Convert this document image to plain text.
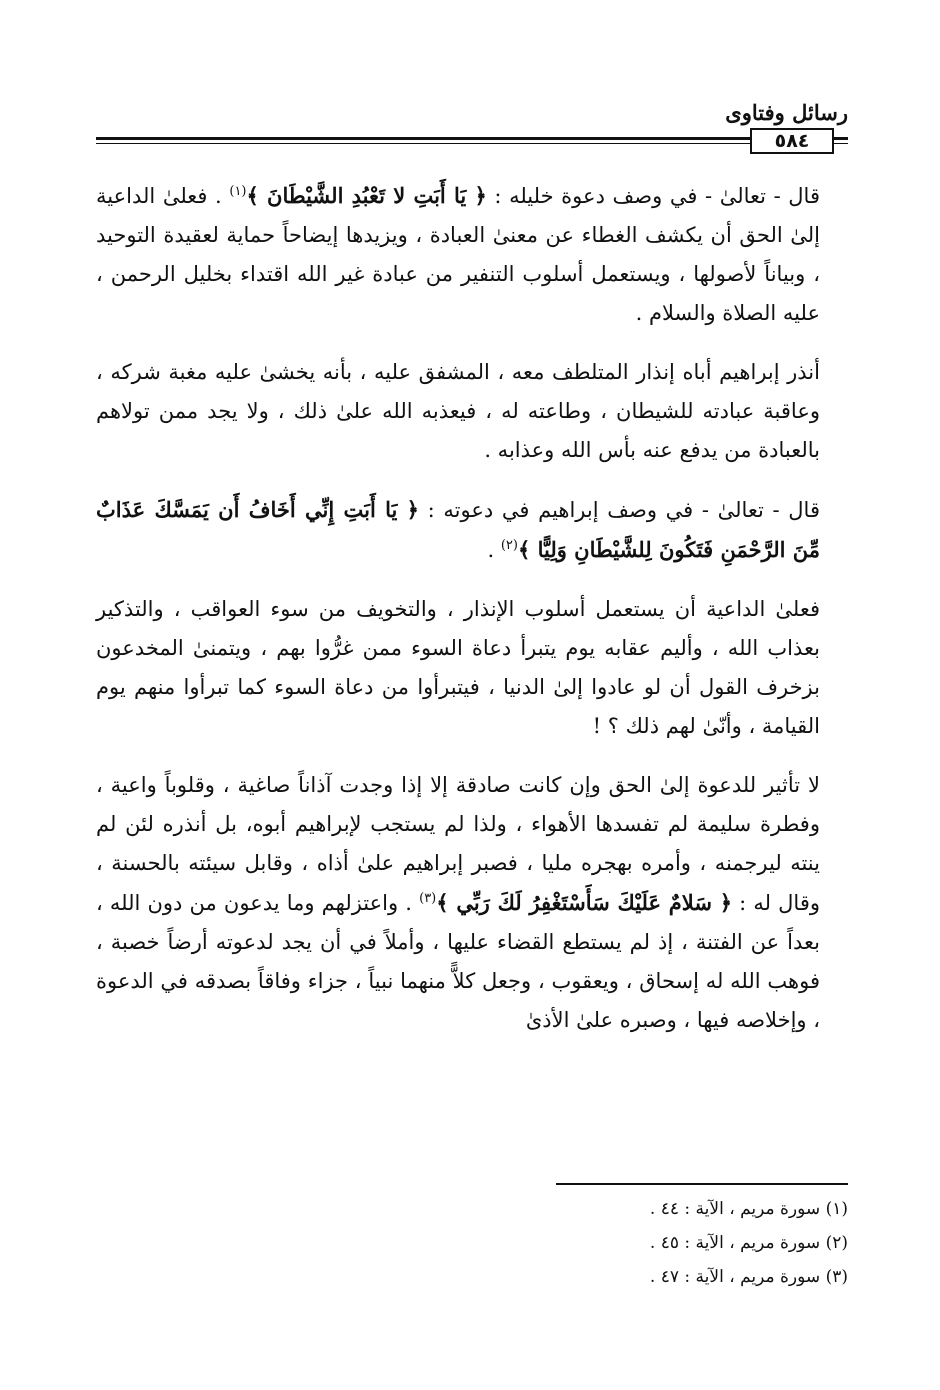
رسائل وفتاوى
٥٨٤

قال - تعالىٰ - في وصف دعوة خليله : ﴿ يَا أَبَتِ لا تَعْبُدِ الشَّيْطَانَ ﴾$^{(١)}$ . فعلىٰ الداعية إلىٰ الحق أن يكشف الغطاء عن معنىٰ العبادة ، ويزيدها إيضاحاً حماية لعقيدة التوحيد ، وبياناً لأصولها ، ويستعمل أسلوب التنفير من عبادة غير الله اقتداء بخليل الرحمن ، عليه الصلاة والسلام .

أنذر إبراهيم أباه إنذار المتلطف معه ، المشفق عليه ، بأنه يخشىٰ عليه مغبة شركه ، وعاقبة عبادته للشيطان ، وطاعته له ، فيعذبه الله علىٰ ذلك ، ولا يجد ممن تولاهم بالعبادة من يدفع عنه بأس الله وعذابه .

قال - تعالىٰ - في وصف إبراهيم في دعوته : ﴿ يَا أَبَتِ إِنِّي أَخَافُ أَن يَمَسَّكَ عَذَابٌ مِّنَ الرَّحْمَنِ فَتَكُونَ لِلشَّيْطَانِ وَلِيًّا ﴾$^{(٢)}$ .

فعلىٰ الداعية أن يستعمل أسلوب الإنذار ، والتخويف من سوء العواقب ، والتذكير بعذاب الله ، وأليم عقابه يوم يتبرأ دعاة السوء ممن غرُّوا بهم ، ويتمنىٰ المخدعون بزخرف القول أن لو عادوا إلىٰ الدنيا ، فيتبرأوا من دعاة السوء كما تبرأوا منهم يوم القيامة ، وأنّىٰ لهم ذلك ؟ !

لا تأثير للدعوة إلىٰ الحق وإن كانت صادقة إلا إذا وجدت آذاناً صاغية ، وقلوباً واعية ، وفطرة سليمة لم تفسدها الأهواء ، ولذا لم يستجب لإبراهيم أبوه، بل أنذره لئن لم ينته ليرجمنه ، وأمره بهجره مليا ، فصبر إبراهيم علىٰ أذاه ، وقابل سيئته بالحسنة ، وقال له : ﴿ سَلامٌ عَلَيْكَ سَأَسْتَغْفِرُ لَكَ رَبِّي ﴾$^{(٣)}$ . واعتزلهم وما يدعون من دون الله ، بعداً عن الفتنة ، إذ لم يستطع القضاء عليها ، وأملاً في أن يجد لدعوته أرضاً خصبة ، فوهب الله له إسحاق ، ويعقوب ، وجعل كلاًّ منهما نبياً ، جزاء وفاقاً بصدقه في الدعوة ، وإخلاصه فيها ، وصبره علىٰ الأذىٰ

(١) سورة مريم ، الآية : ٤٤ .

(٢) سورة مريم ، الآية : ٤٥ .

(٣) سورة مريم ، الآية : ٤٧ .
